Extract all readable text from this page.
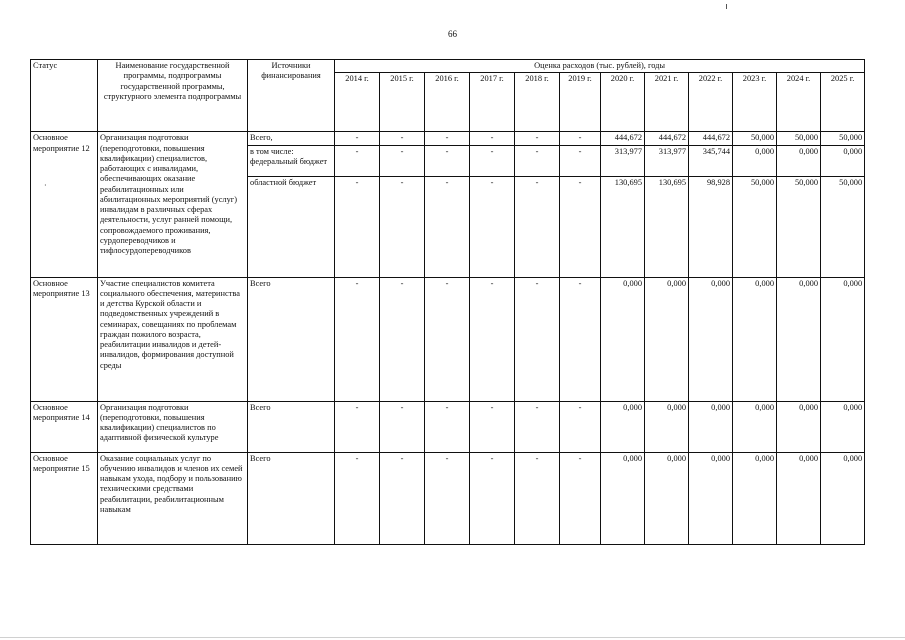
66
·
Статус	Наименование государственной программы, подпрограммы государственной программы, структурного элемента подпрограммы	Источники финансирования	Оценка расходов (тыс. рублей), годы											
			2014 г.	2015 г.	2016 г.	2017 г.	2018 г.	2019 г.	2020 г.	2021 г.	2022 г.	2023 г.	2024 г.	2025 г.
Основное мероприятие 12	Организация подготовки (переподготовки, повышения квалификации) специалистов, работающих с инвалидами, обеспечивающих оказание реабилитационных или абилитационных мероприятий (услуг) инвалидам в различных сферах деятельности, услуг ранней помощи, сопровождаемого проживания, сурдопереводчиков и тифлосурдопереводчиков	Всего,	-	-	-	-	-	-	444,672	444,672	444,672	50,000	50,000	50,000
		в том числе: федеральный бюджет	-	-	-	-	-	-	313,977	313,977	345,744	0,000	0,000	0,000
		областной бюджет	-	-	-	-	-	-	130,695	130,695	98,928	50,000	50,000	50,000
Основное мероприятие 13	Участие специалистов комитета социального обеспечения, материнства и детства Курской области и подведомственных учреждений в семинарах, совещаниях по проблемам граждан пожилого возраста, реабилитации инвалидов и детей-инвалидов, формирования доступной среды	Всего	-	-	-	-	-	-	0,000	0,000	0,000	0,000	0,000	0,000
Основное мероприятие 14	Организация подготовки (переподготовки, повышения квалификации) специалистов по адаптивной физической культуре	Всего	-	-	-	-	-	-	0,000	0,000	0,000	0,000	0,000	0,000
Основное мероприятие 15	Оказание социальных услуг по обучению инвалидов и членов их семей навыкам ухода, подбору и пользованию техническими средствами реабилитации, реабилитационным навыкам	Всего	-	-	-	-	-	-	0,000	0,000	0,000	0,000	0,000	0,000
